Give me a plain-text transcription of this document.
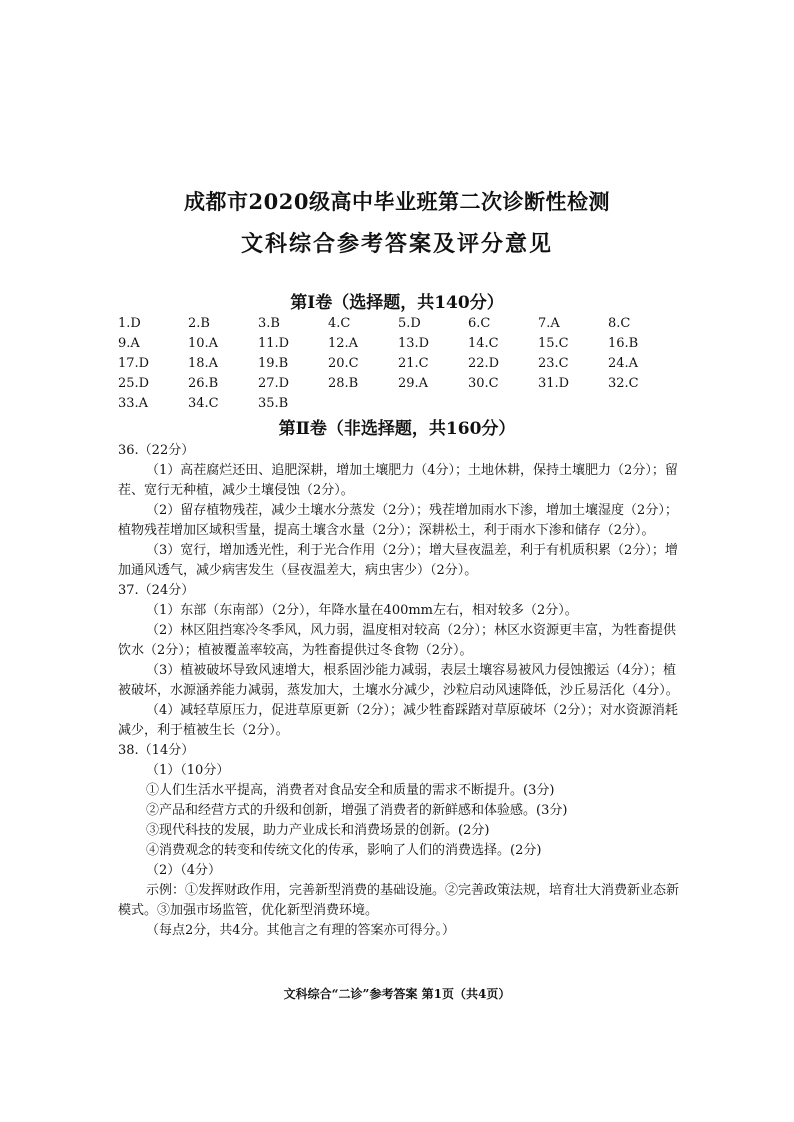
成都市2020级高中毕业班第二次诊断性检测
文科综合参考答案及评分意见
第Ⅰ卷（选择题，共140分）
1.D	2.B	3.B	4.C	5.D	6.C	7.A	8.C
9.A	10.A	11.D	12.A	13.D	14.C	15.C	16.B
17.D	18.A	19.B	20.C	21.C	22.D	23.C	24.A
25.D	26.B	27.D	28.B	29.A	30.C	31.D	32.C
33.A	34.C	35.B
第Ⅱ卷（非选择题，共160分）

36.（22分）

（1）高茬腐烂还田、追肥深耕，增加土壤肥力（4分）；土地休耕，保持土壤肥力（2分）；留茬、宽行无种植，减少土壤侵蚀（2分）。

（2）留存植物残茬，减少土壤水分蒸发（2分）；残茬增加雨水下渗，增加土壤湿度（2分）；植物残茬增加区域积雪量，提高土壤含水量（2分）；深耕松土，利于雨水下渗和储存（2分）。

（3）宽行，增加透光性，利于光合作用（2分）；增大昼夜温差，利于有机质积累（2分）；增加通风透气，减少病害发生（昼夜温差大，病虫害少）（2分）。

37.（24分）

（1）东部（东南部）（2分），年降水量在400mm左右，相对较多（2分）。

（2）林区阻挡寒冷冬季风，风力弱，温度相对较高（2分）；林区水资源更丰富，为牲畜提供饮水（2分）；植被覆盖率较高，为牲畜提供过冬食物（2分）。

（3）植被破坏导致风速增大，根系固沙能力减弱，表层土壤容易被风力侵蚀搬运（4分）；植被破坏，水源涵养能力减弱，蒸发加大，土壤水分减少，沙粒启动风速降低，沙丘易活化（4分）。

（4）减轻草原压力，促进草原更新（2分）；减少牲畜踩踏对草原破坏（2分）；对水资源消耗减少，利于植被生长（2分）。

38.（14分）

（1）（10分）

①人们生活水平提高，消费者对食品安全和质量的需求不断提升。(3分)

②产品和经营方式的升级和创新，增强了消费者的新鲜感和体验感。(3分)

③现代科技的发展，助力产业成长和消费场景的创新。(2分)

④消费观念的转变和传统文化的传承，影响了人们的消费选择。(2分)

（2）（4分）

示例：①发挥财政作用，完善新型消费的基础设施。②完善政策法规，培育壮大消费新业态新模式。③加强市场监管，优化新型消费环境。

（每点2分，共4分。其他言之有理的答案亦可得分。）

文科综合“二诊”参考答案 第1页（共4页）
